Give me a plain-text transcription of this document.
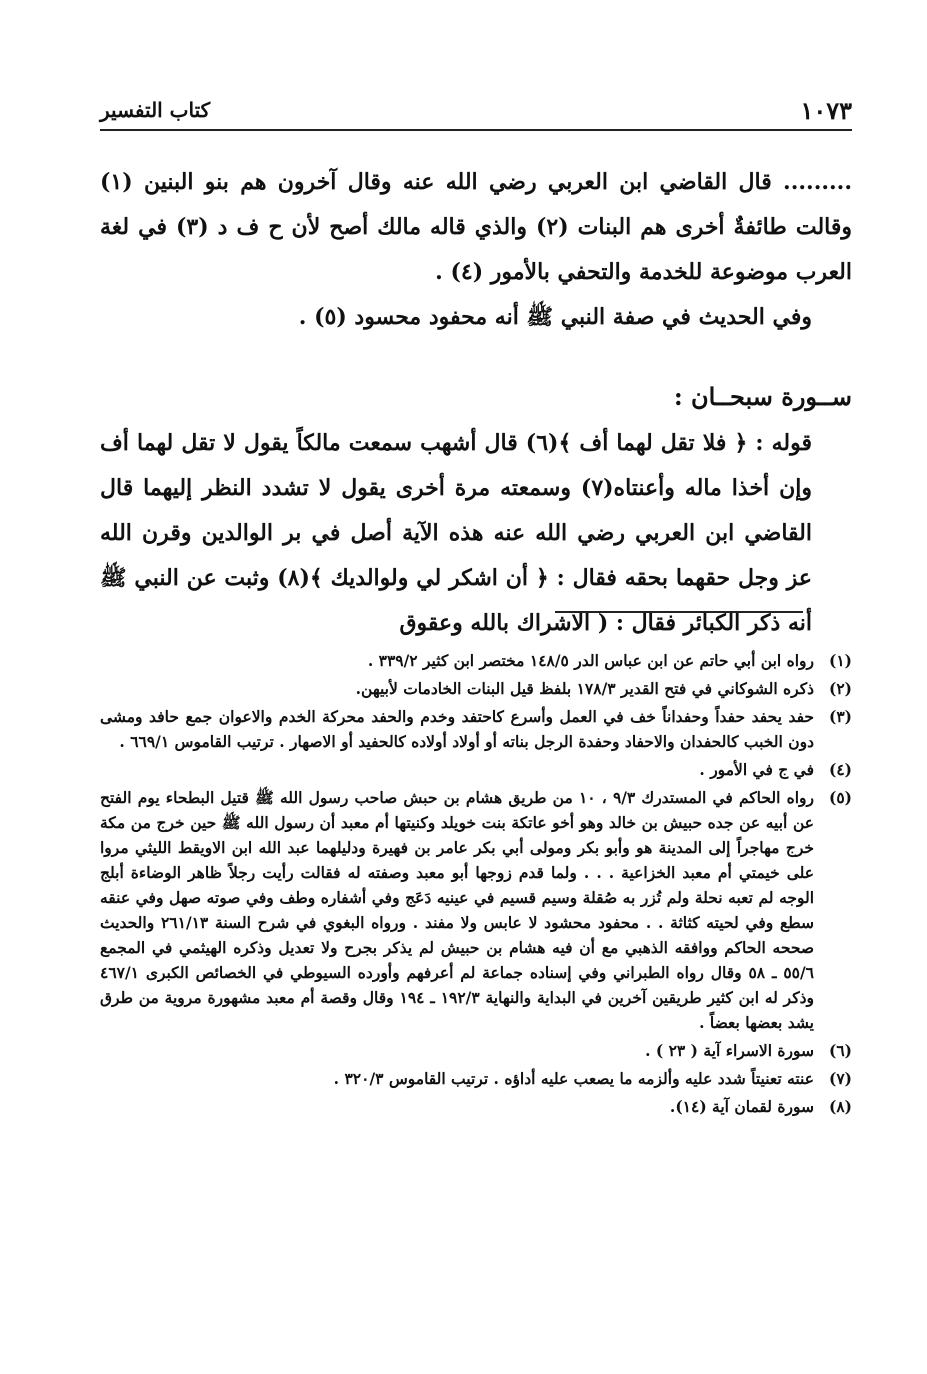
١٠٧٣
كتاب التفسير

......... قال القاضي ابن العربي رضي الله عنه وقال آخرون هم بنو البنين (١) وقالت طائفةٌ أخرى هم البنات (٢) والذي قاله مالك أصح لأن ح ف د (٣) في لغة العرب موضوعة للخدمة والتحفي بالأمور (٤) .

وفي الحديث في صفة النبي ﷺ أنه محفود محسود (٥) .

ســورة سبحــان :

قوله : ﴿ فلا تقل لهما أف ﴾(٦) قال أشهب سمعت مالكاً يقول لا تقل لهما أف وإن أخذا ماله وأعنتاه(٧) وسمعته مرة أخرى يقول لا تشدد النظر إليهما قال القاضي ابن العربي رضي الله عنه هذه الآية أصل في بر الوالدين وقرن الله عز وجل حقهما بحقه فقال : ﴿ أن اشكر لي ولوالديك ﴾(٨) وثبت عن النبي ﷺ أنه ذكر الكبائر فقال : ( الاشراك بالله وعقوق

(١)
رواه ابن أبي حاتم عن ابن عباس الدر ١٤٨/٥ مختصر ابن كثير ٣٣٩/٢ .
(٢)
ذكره الشوكاني في فتح القدير ١٧٨/٣ بلفظ قيل البنات الخادمات لأبيهن.
(٣)
حفد يحفد حفداً وحفداناً خف في العمل وأسرع كاحتفد وخدم والحفد محركة الخدم والاعوان جمع حافد ومشى دون الخبب كالحفدان والاحفاد وحفدة الرجل بناته أو أولاد أولاده كالحفيد أو الاصهار . ترتيب القاموس ٦٦٩/١ .
(٤)
في ج في الأمور .
(٥)
رواه الحاكم في المستدرك ٩/٣ ، ١٠ من طريق هشام بن حبش صاحب رسول الله ﷺ قتيل البطحاء يوم الفتح عن أبيه عن جده حبيش بن خالد وهو أخو عاتكة بنت خويلد وكنيتها أم معبد أن رسول الله ﷺ حين خرج من مكة خرج مهاجراً إلى المدينة هو وأبو بكر ومولى أبي بكر عامر بن فهيرة ودليلهما عبد الله ابن الاويقط الليثي مروا على خيمتي أم معبد الخزاعية . . . ولما قدم زوجها أبو معبد وصفته له فقالت رأيت رجلاً ظاهر الوضاءة أبلج الوجه لم تعبه نحلة ولم تُزر به صُقلة وسيم قسيم في عينيه دَعَج وفي أشفاره وطف وفي صوته صهل وفي عنقه سطع وفي لحيته كثاثة . . محفود محشود لا عابس ولا مفند . ورواه البغوي في شرح السنة ٢٦١/١٣ والحديث صححه الحاكم ووافقه الذهبي مع أن فيه هشام بن حبيش لم يذكر بجرح ولا تعديل وذكره الهيثمي في المجمع ٥٥/٦ ـ ٥٨ وقال رواه الطبراني وفي إسناده جماعة لم أعرفهم وأورده السيوطي في الخصائص الكبرى ٤٦٧/١ وذكر له ابن كثير طريقين آخرين في البداية والنهاية ١٩٢/٣ ـ ١٩٤ وقال وقصة أم معبد مشهورة مروية من طرق يشد بعضها بعضاً .
(٦)
سورة الاسراء آية ( ٢٣ ) .
(٧)
عنته تعنيتاً شدد عليه وألزمه ما يصعب عليه أداؤه . ترتيب القاموس ٣٢٠/٣ .
(٨)
سورة لقمان آية (١٤).
